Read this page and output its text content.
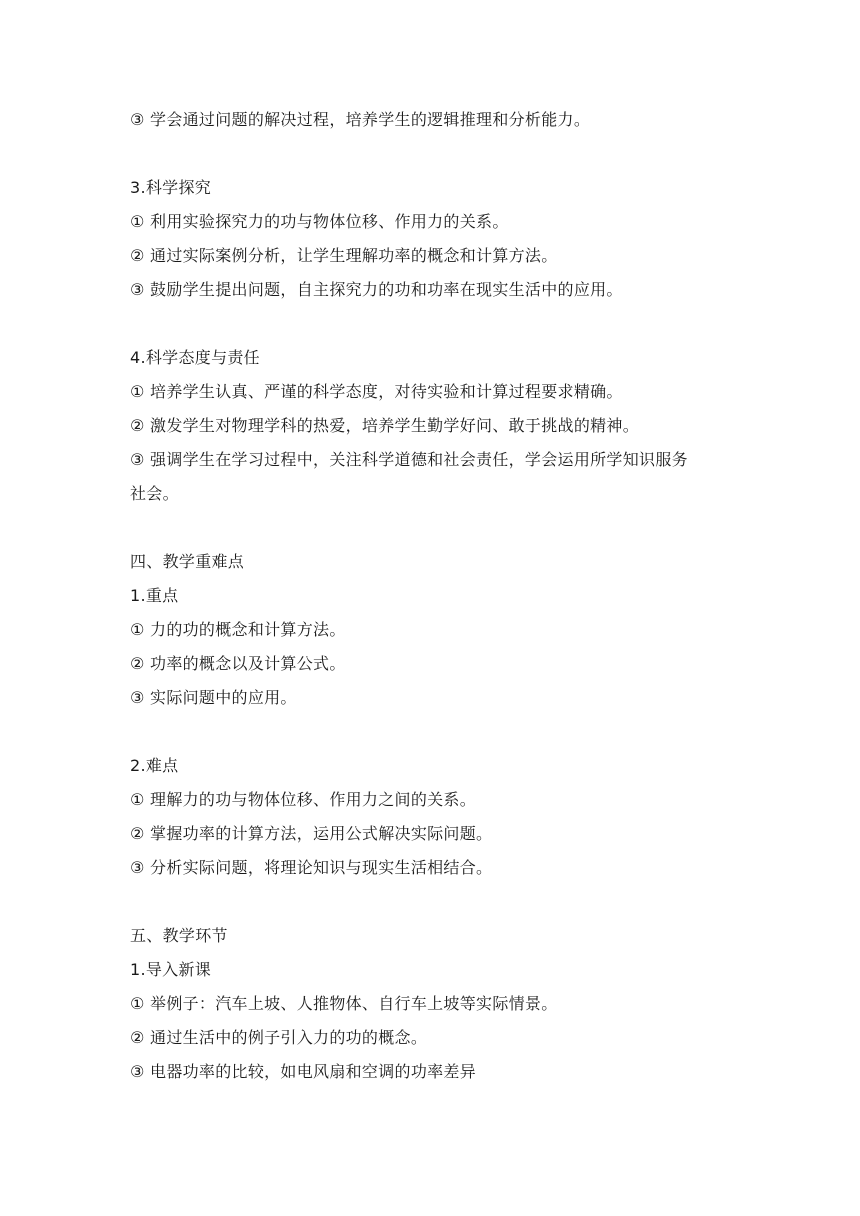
③ 学会通过问题的解决过程，培养学生的逻辑推理和分析能力。
3.科学探究
① 利用实验探究力的功与物体位移、作用力的关系。
② 通过实际案例分析，让学生理解功率的概念和计算方法。
③ 鼓励学生提出问题，自主探究力的功和功率在现实生活中的应用。
4.科学态度与责任
① 培养学生认真、严谨的科学态度，对待实验和计算过程要求精确。
② 激发学生对物理学科的热爱，培养学生勤学好问、敢于挑战的精神。
③ 强调学生在学习过程中，关注科学道德和社会责任，学会运用所学知识服务
社会。
四、教学重难点
1.重点
① 力的功的概念和计算方法。
② 功率的概念以及计算公式。
③ 实际问题中的应用。
2.难点
① 理解力的功与物体位移、作用力之间的关系。
② 掌握功率的计算方法，运用公式解决实际问题。
③ 分析实际问题，将理论知识与现实生活相结合。
五、教学环节
1.导入新课
① 举例子：汽车上坡、人推物体、自行车上坡等实际情景。
② 通过生活中的例子引入力的功的概念。
③ 电器功率的比较，如电风扇和空调的功率差异
